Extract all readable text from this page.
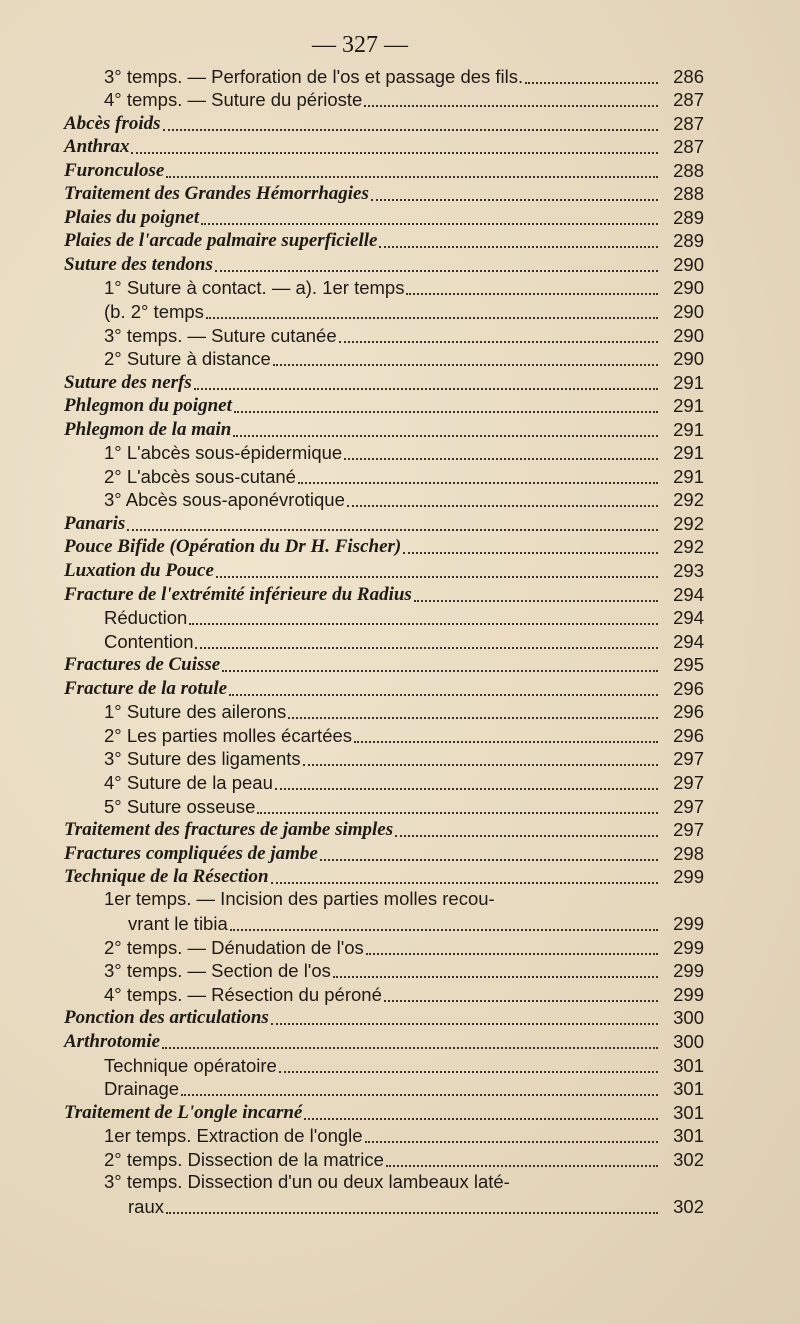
— 327 —
3° temps. — Perforation de l'os et passage des fils.	286
4° temps. — Suture du périoste	287
Abcès froids	287
Anthrax	287
Furonculose	288
Traitement des Grandes Hémorrhagies	288
Plaies du poignet	289
Plaies de l'arcade palmaire superficielle	289
Suture des tendons	290
1° Suture à contact. — a). 1er temps	290
(b. 2° temps	290
3° temps. — Suture cutanée	290
2° Suture à distance	290
Suture des nerfs	291
Phlegmon du poignet	291
Phlegmon de la main	291
1° L'abcès sous-épidermique	291
2° L'abcès sous-cutané	291
3° Abcès sous-aponévrotique	292
Panaris	292
Pouce Bifide (Opération du Dr H. Fischer)	292
Luxation du Pouce	293
Fracture de l'extrémité inférieure du Radius	294
Réduction	294
Contention	294
Fractures de Cuisse	295
Fracture de la rotule	296
1° Suture des ailerons	296
2° Les parties molles écartées	296
3° Suture des ligaments	297
4° Suture de la peau	297
5° Suture osseuse	297
Traitement des fractures de jambe simples	297
Fractures compliquées de jambe	298
Technique de la Résection	299
1er temps. — Incision des parties molles recou-
vrant le tibia	299
2° temps. — Dénudation de l'os	299
3° temps. — Section de l'os	299
4° temps. — Résection du péroné	299
Ponction des articulations	300
Arthrotomie	300
Technique opératoire	301
Drainage	301
Traitement de L'ongle incarné	301
1er temps. Extraction de l'ongle	301
2° temps. Dissection de la matrice	302
3° temps. Dissection d'un ou deux lambeaux laté-
raux	302
